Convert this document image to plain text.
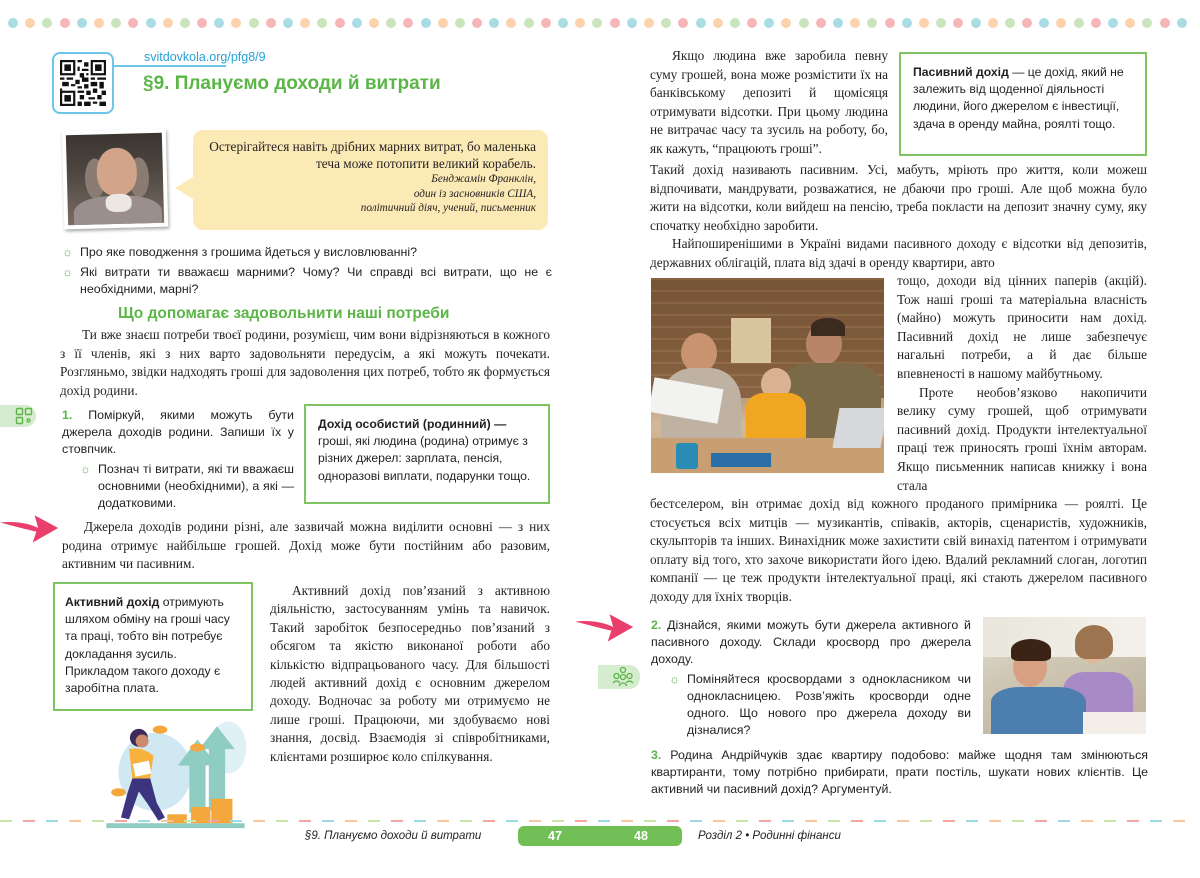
svitdovkola.org/pfg8/9
§9. Плануємо доходи й витрати
Остерігайтеся навіть дрібних марних витрат, бо маленька теча може потопити великий корабель.
Бенджамін Франклін,
один із засновників США,
політичний діяч, учений, письменник
☼ Про яке поводження з грошима йдеться у висловлюванні?
☼ Які витрати ти вважаєш марними? Чому? Чи справді всі витрати, що не є необхідними, марні?
Що допомагає задовольнити наші потреби
Ти вже знаєш потреби твоєї родини, розумієш, чим вони відрізняються в кожного з її членів, які з них варто задовольняти передусім, а які можуть почекати. Розгляньмо, звідки надходять гроші для задоволення цих потреб, тобто як формується дохід родини.
1. Поміркуй, якими можуть бути джерела доходів родини. Запиши їх у стовпчик.
☼ Познач ті витрати, які ти вважаєш основними (необхідними), а які — додатковими.
Дохід особистий (родинний) — гроші, які людина (родина) отримує з різних джерел: зарплата, пенсія, одноразові виплати, подарунки тощо.
Джерела доходів родини різні, але зазвичай можна виділити основні — з них родина отримує найбільше грошей. Дохід може бути постійним або разовим, активним чи пасивним.
Активний дохід отримують шляхом обміну на гроші часу та праці, тобто він потребує докладання зусиль. Прикладом такого доходу є заробітна плата.
Активний дохід пов’язаний з активною діяльністю, застосуванням умінь та навичок. Такий заробіток безпосередньо пов’язаний з обсягом та якістю виконаної роботи або кількістю відпрацьованого часу. Для більшості людей активний дохід є основним джерелом доходу. Водночас за роботу ми отримуємо не лише гроші. Працюючи, ми здобуваємо нові знання, досвід. Взаємодія зі співробітниками, клієнтами розширює коло спілкування.
Якщо людина вже заробила певну суму грошей, вона може розмістити їх на банківському депозиті й щомісяця отримувати відсотки. При цьому людина не витрачає часу та зусиль на роботу, бо, як кажуть, “працюють гроші”.
Пасивний дохід — це дохід, який не залежить від щоденної діяльності людини, його джерелом є інвестиції, здача в оренду майна, роялті тощо.
Такий дохід називають пасивним. Усі, мабуть, мріють про життя, коли можеш відпочивати, мандрувати, розважатися, не дбаючи про гроші. Але щоб можна було жити на відсотки, коли вийдеш на пенсію, треба покласти на депозит значну суму, яку спочатку необхідно заробити.
Найпоширенішими в Україні видами пасивного доходу є відсотки від депозитів, державних облігацій, плата від здачі в оренду квартири, авто
тощо, доходи від цінних паперів (акцій). Тож наші гроші та матеріальна власність (майно) можуть приносити нам дохід. Пасивний дохід не лише забезпечує нагальні потреби, а й дає більше впевненості в нашому майбутньому.
Проте необов’язково накопичити велику суму грошей, щоб отримувати пасивний дохід. Продукти інтелектуальної праці теж приносять гроші їхнім авторам. Якщо письменник написав книжку і вона стала
бестселером, він отримає дохід від кожного проданого примірника — роялті. Це стосується всіх митців — музикантів, співаків, акторів, сценаристів, художників, скульпторів та інших. Винахідник може захистити свій винахід патентом і отримувати оплату від того, хто захоче використати його ідею. Вдалий рекламний слоган, логотип компанії — це теж продукти інтелектуальної праці, які стають джерелом пасивного доходу для їхніх творців.
2. Дізнайся, якими можуть бути джерела активного й пасивного доходу. Склади кросворд про джерела доходу.
☼ Поміняйтеся кросвордами з однокласником чи однокласницею. Розв’яжіть кросворди одне одного. Що нового про джерела доходу ви дізналися?
3. Родина Андрійчуків здає квартиру подобово: майже щодня там змінюються квартиранти, тому потрібно прибирати, прати постіль, шукати нових клієнтів. Це активний чи пасивний дохід? Аргументуй.
§9. Плануємо доходи й витрати	47	48	Розділ 2 • Родинні фінанси
